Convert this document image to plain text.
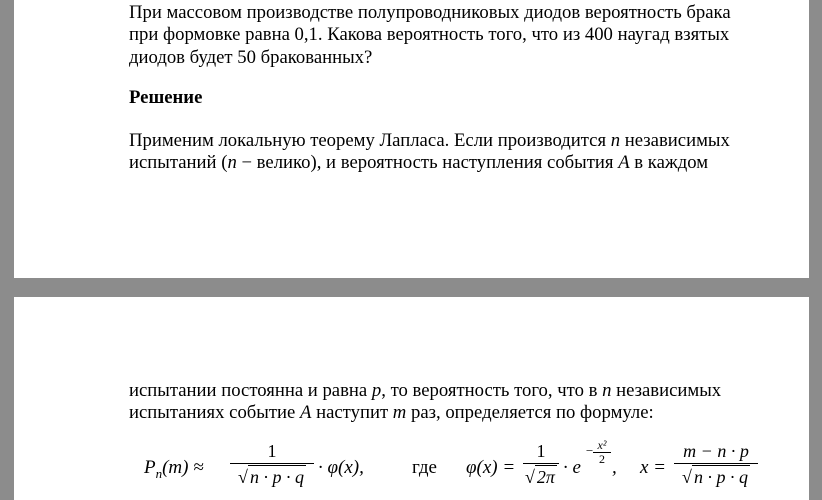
При массовом производстве полупроводниковых диодов вероятность брака
при формовке равна 0,1. Какова вероятность того, что из 400 наугад взятых
диодов будет 50 бракованных?

Решение

Применим локальную теорему Лапласа. Если производится n независимых
испытаний (n − велико), и вероятность наступления события A в каждом

испытании постоянна и равна p, то вероятность того, что в n независимых
испытаниях событие A наступит m раз, определяется по формуле:

$P_n(m)$ ≈
1
√ n · p · q · φ(x),	где φ(x) =
1
√ 2π · e
− x²
2 , x =
m − n · p
√ n · p · q
